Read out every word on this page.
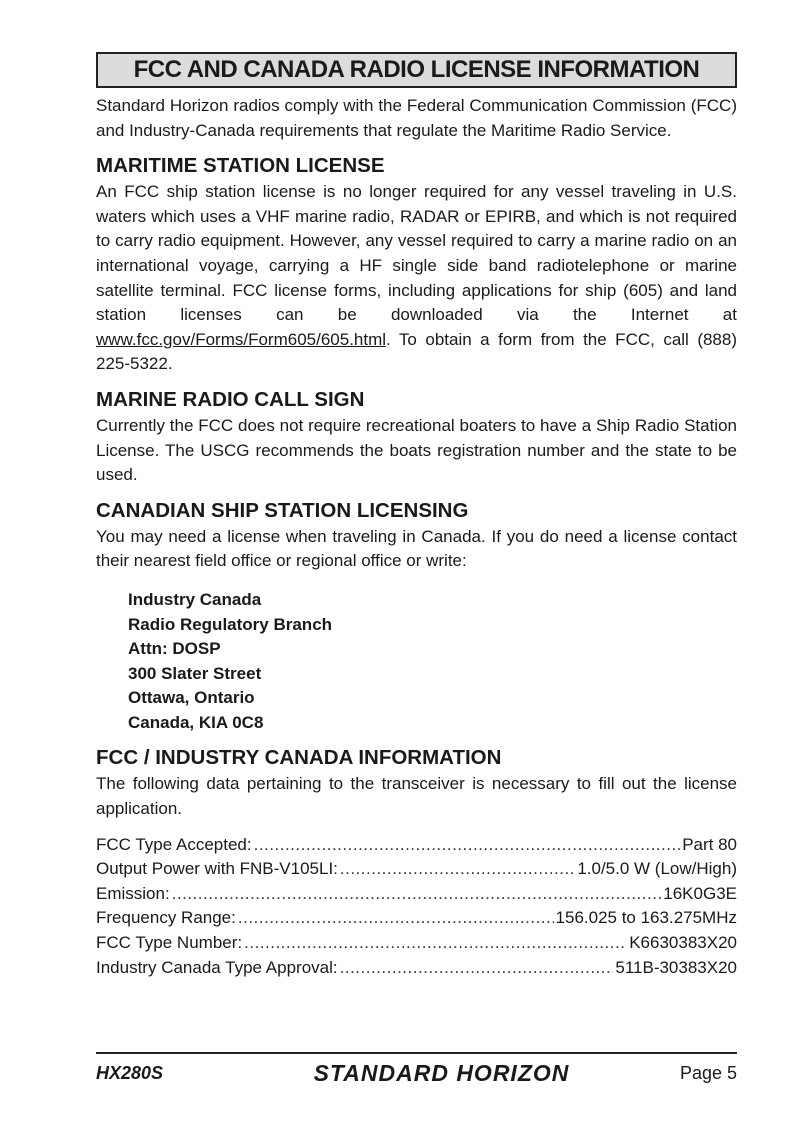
FCC AND CANADA RADIO LICENSE INFORMATION

Standard Horizon radios comply with the Federal Communication Commission (FCC) and Industry-Canada requirements that regulate the Maritime Radio Service.

MARITIME STATION LICENSE

An FCC ship station license is no longer required for any vessel traveling in U.S. waters which uses a VHF marine radio, RADAR or EPIRB, and which is not required to carry radio equipment. However, any vessel required to carry a marine radio on an international voyage, carrying a HF single side band radiotelephone or marine satellite terminal. FCC license forms, including applications for ship (605) and land station licenses can be downloaded via the Internet at www.fcc.gov/Forms/Form605/605.html. To obtain a form from the FCC, call (888) 225-5322.

MARINE RADIO CALL SIGN

Currently the FCC does not require recreational boaters to have a Ship Radio Station License. The USCG recommends the boats registration number and the state to be used.

CANADIAN SHIP STATION LICENSING

You may need a license when traveling in Canada. If you do need a license contact their nearest field office or regional office or write:

Industry Canada
Radio Regulatory Branch
Attn: DOSP
300 Slater Street
Ottawa, Ontario
Canada, KIA 0C8
FCC / INDUSTRY CANADA INFORMATION

The following data pertaining to the transceiver is necessary to fill out the license application.

FCC Type Accepted: .....	Part 80
Output Power with FNB-V105LI: .....	1.0/5.0 W (Low/High)
Emission: .....	16K0G3E
Frequency Range: .....	156.025 to 163.275MHz
FCC Type Number: .....	K6630383X20
Industry Canada Type Approval: .....	511B-30383X20
HX280S	STANDARD HORIZON	Page 5
